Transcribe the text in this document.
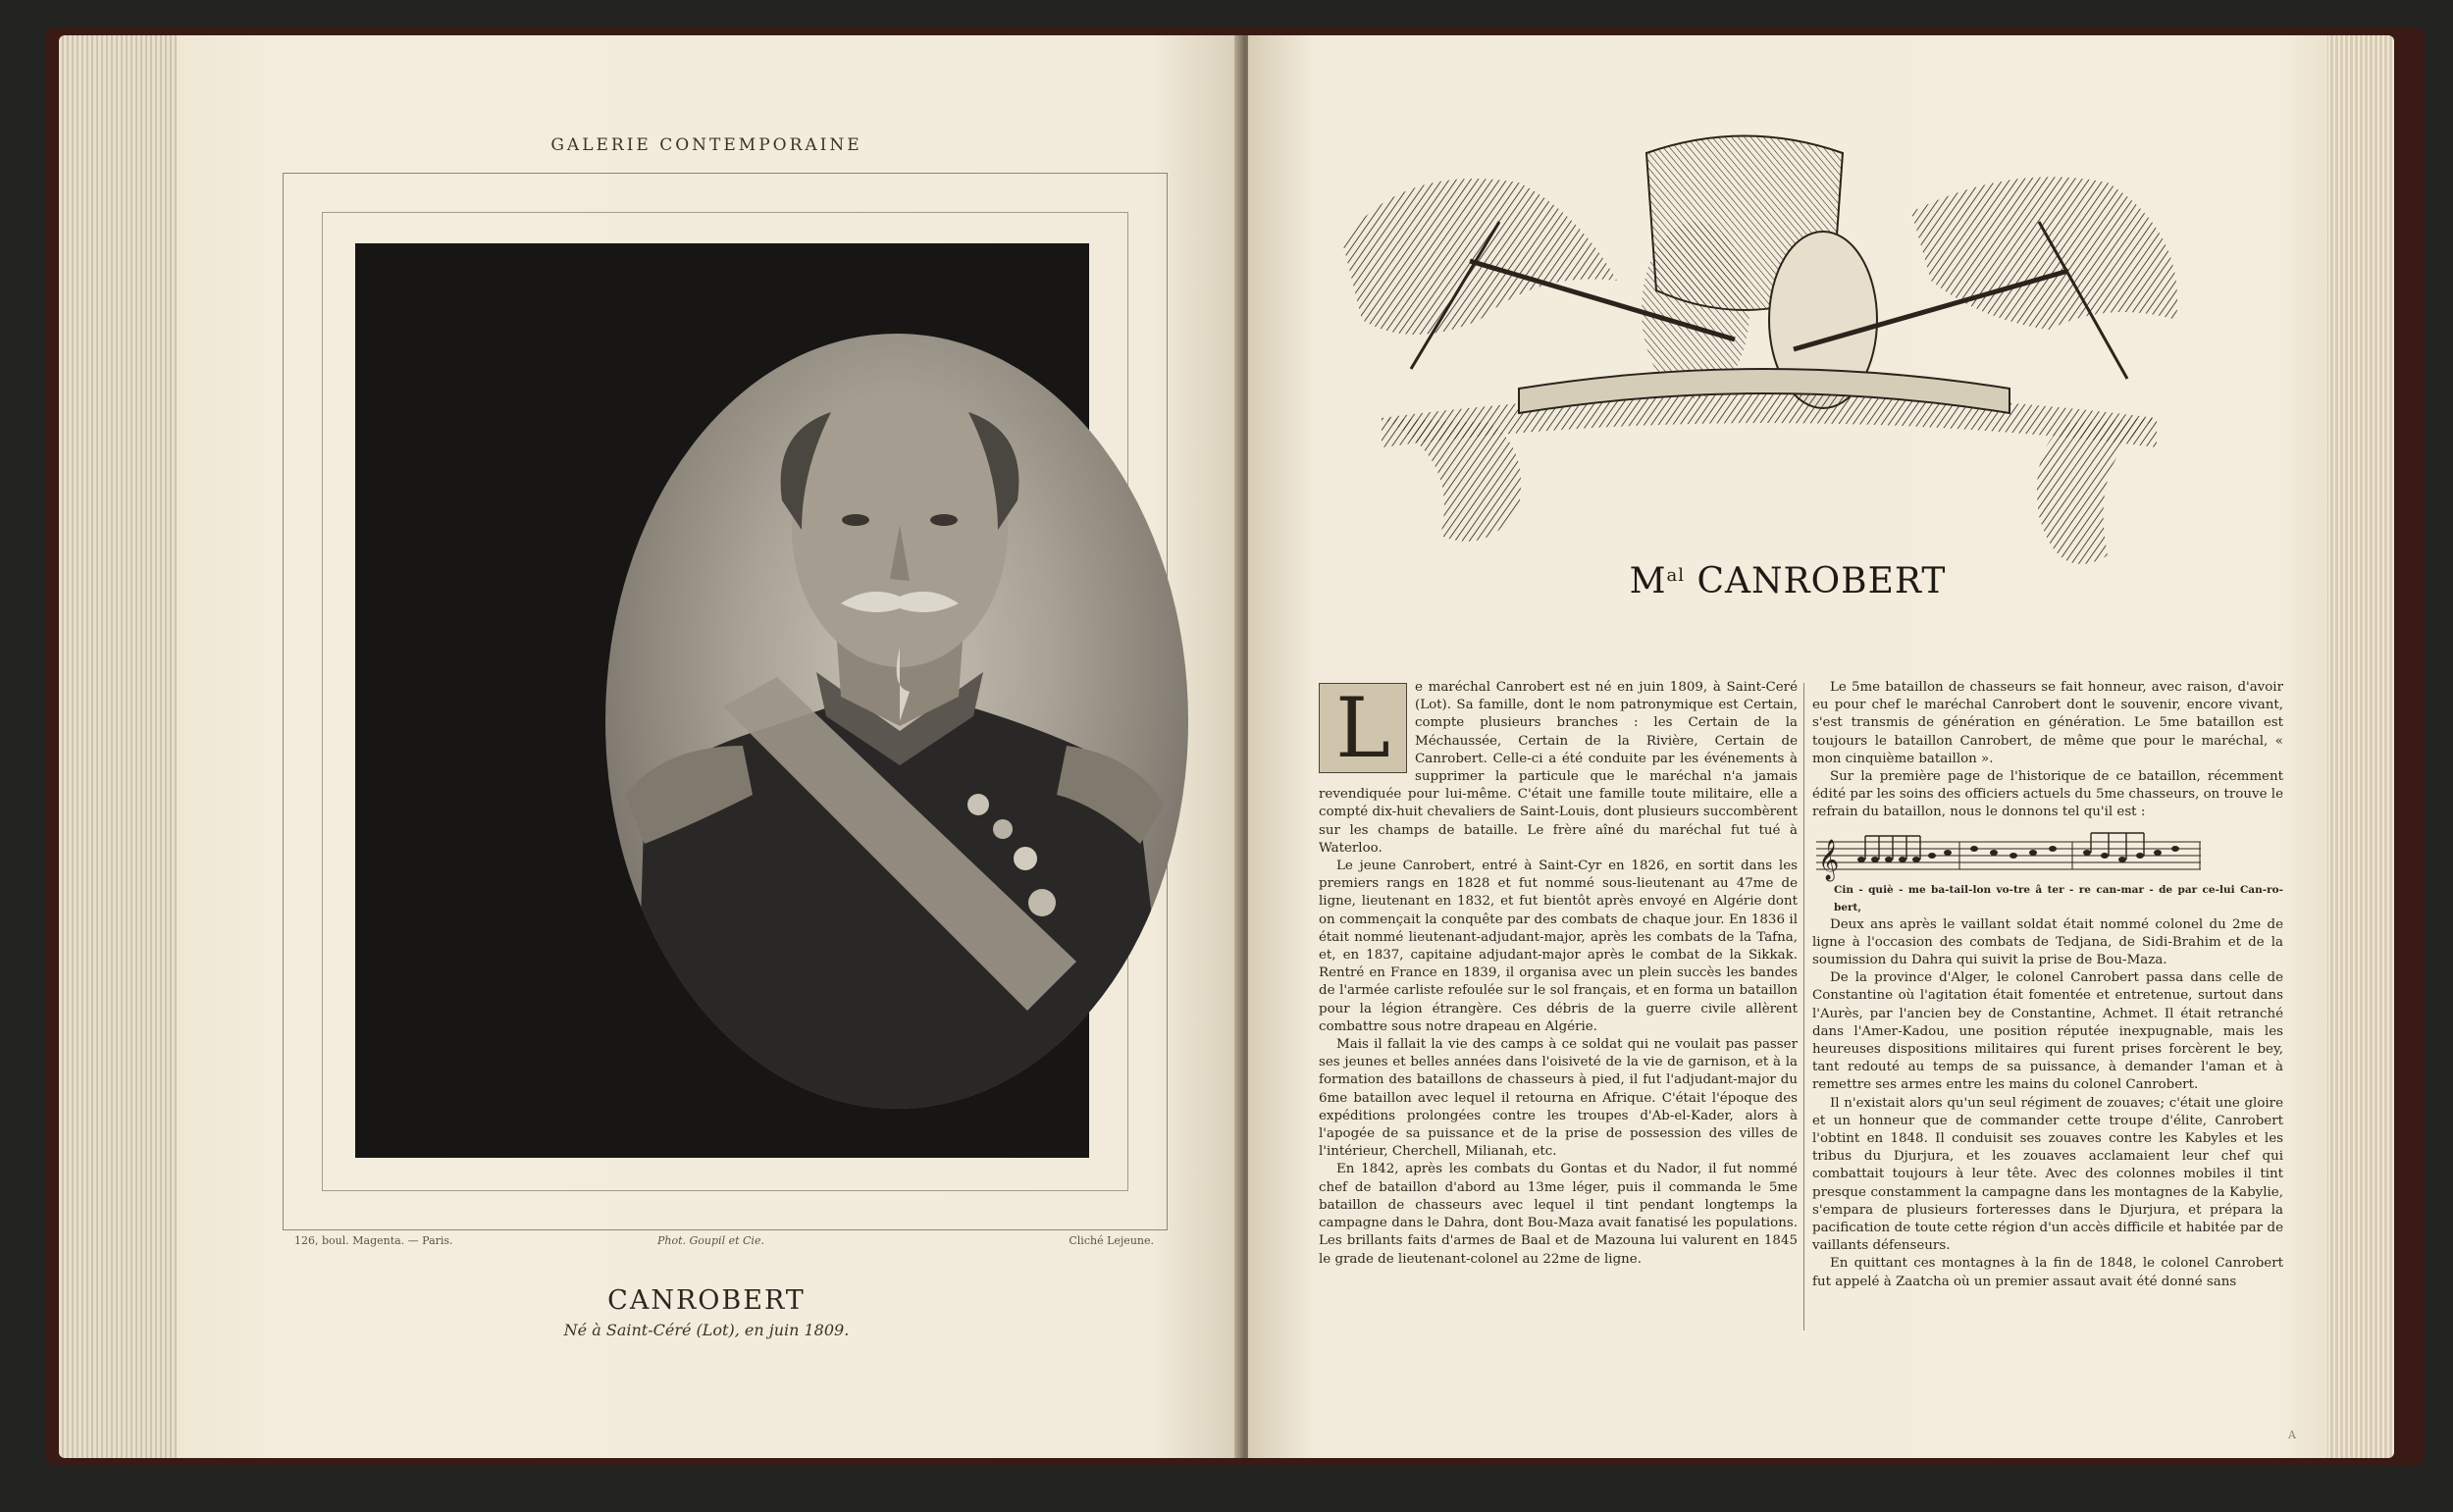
GALERIE CONTEMPORAINE
126, boul. Magenta. — Paris.	Phot. Goupil et Cie.	Cliché Lejeune.
CANROBERT
Né à Saint-Céré (Lot), en juin 1809.
$M^{al}$ CANROBERT
L	e maréchal Canrobert est né en juin 1809, à Saint-Ceré (Lot). Sa famille, dont le nom patronymique est Certain, compte plusieurs branches : les Certain de la Méchaussée, Certain de la Rivière, Certain de Canrobert. Celle-ci a été conduite par les événements à supprimer la particule que le maréchal n'a jamais revendiquée pour lui-même. C'était une famille toute militaire, elle a compté dix-huit chevaliers de Saint-Louis, dont plusieurs succombèrent sur les champs de bataille. Le frère aîné du maréchal fut tué à Waterloo.

Le jeune Canrobert, entré à Saint-Cyr en 1826, en sortit dans les premiers rangs en 1828 et fut nommé sous-lieutenant au 47me de ligne, lieutenant en 1832, et fut bientôt après envoyé en Algérie dont on commençait la conquête par des combats de chaque jour. En 1836 il était nommé lieutenant-adjudant-major, après les combats de la Tafna, et, en 1837, capitaine adjudant-major après le combat de la Sikkak. Rentré en France en 1839, il organisa avec un plein succès les bandes de l'armée carliste refoulée sur le sol français, et en forma un bataillon pour la légion étrangère. Ces débris de la guerre civile allèrent combattre sous notre drapeau en Algérie.

Mais il fallait la vie des camps à ce soldat qui ne voulait pas passer ses jeunes et belles années dans l'oisiveté de la vie de garnison, et à la formation des bataillons de chasseurs à pied, il fut l'adjudant-major du 6me bataillon avec lequel il retourna en Afrique. C'était l'époque des expéditions prolongées contre les troupes d'Ab-el-Kader, alors à l'apogée de sa puissance et de la prise de possession des villes de l'intérieur, Cherchell, Milianah, etc.

En 1842, après les combats du Gontas et du Nador, il fut nommé chef de bataillon d'abord au 13me léger, puis il commanda le 5me bataillon de chasseurs avec lequel il tint pendant longtemps la campagne dans le Dahra, dont Bou-Maza avait fanatisé les populations. Les brillants faits d'armes de Baal et de Mazouna lui valurent en 1845 le grade de lieutenant-colonel au 22me de ligne.

Le 5me bataillon de chasseurs se fait honneur, avec raison, d'avoir eu pour chef le maréchal Canrobert dont le souvenir, encore vivant, s'est transmis de génération en génération. Le 5me bataillon est toujours le bataillon Canrobert, de même que pour le maréchal, « mon cinquième bataillon ».

Sur la première page de l'historique de ce bataillon, récemment édité par les soins des officiers actuels du 5me chasseurs, on trouve le refrain du bataillon, nous le donnons tel qu'il est :

𝄞
Cin - quiè - me ba-tail-lon vo-tre â ter - re can-mar - de par ce-lui Can-ro-bert,

Deux ans après le vaillant soldat était nommé colonel du 2me de ligne à l'occasion des combats de Tedjana, de Sidi-Brahim et de la soumission du Dahra qui suivit la prise de Bou-Maza.

De la province d'Alger, le colonel Canrobert passa dans celle de Constantine où l'agitation était fomentée et entretenue, surtout dans l'Aurès, par l'ancien bey de Constantine, Achmet. Il était retranché dans l'Amer-Kadou, une position réputée inexpugnable, mais les heureuses dispositions militaires qui furent prises forcèrent le bey, tant redouté au temps de sa puissance, à demander l'aman et à remettre ses armes entre les mains du colonel Canrobert.

Il n'existait alors qu'un seul régiment de zouaves; c'était une gloire et un honneur que de commander cette troupe d'élite, Canrobert l'obtint en 1848. Il conduisit ses zouaves contre les Kabyles et les tribus du Djurjura, et les zouaves acclamaient leur chef qui combattait toujours à leur tête. Avec des colonnes mobiles il tint presque constamment la campagne dans les montagnes de la Kabylie, s'empara de plusieurs forteresses dans le Djurjura, et prépara la pacification de toute cette région d'un accès difficile et habitée par de vaillants défenseurs.

En quittant ces montagnes à la fin de 1848, le colonel Canrobert fut appelé à Zaatcha où un premier assaut avait été donné sans

A
